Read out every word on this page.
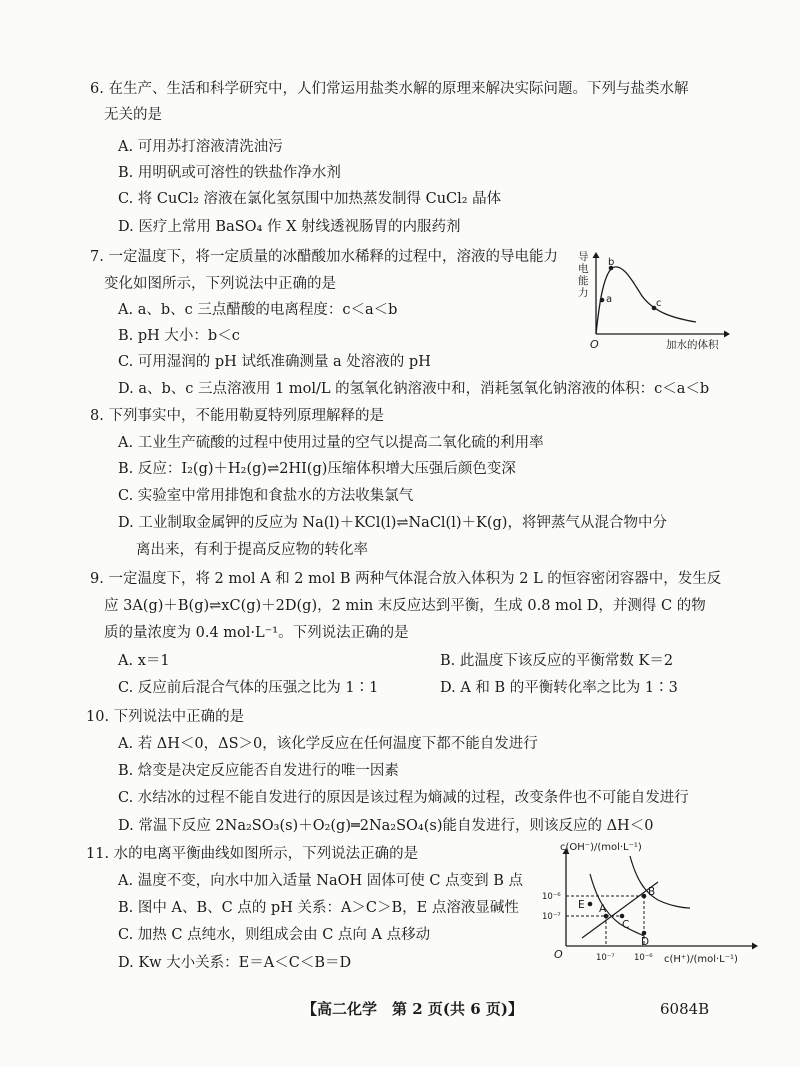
6. 在生产、生活和科学研究中，人们常运用盐类水解的原理来解决实际问题。下列与盐类水解
无关的是
A. 可用苏打溶液清洗油污
B. 用明矾或可溶性的铁盐作净水剂
C. 将 CuCl₂ 溶液在氯化氢氛围中加热蒸发制得 CuCl₂ 晶体
D. 医疗上常用 BaSO₄ 作 X 射线透视肠胃的内服药剂
7. 一定温度下，将一定质量的冰醋酸加水稀释的过程中，溶液的导电能力
变化如图所示，下列说法中正确的是
A. a、b、c 三点醋酸的电离程度：c＜a＜b
B. pH 大小：b＜c
C. 可用湿润的 pH 试纸准确测量 a 处溶液的 pH
D. a、b、c 三点溶液用 1 mol/L 的氢氧化钠溶液中和，消耗氢氧化钠溶液的体积：c＜a＜b
a
b
c
导
电
能
力
O	加水的体积
8. 下列事实中，不能用勒夏特列原理解释的是
A. 工业生产硫酸的过程中使用过量的空气以提高二氧化硫的利用率
B. 反应：I₂(g)＋H₂(g)⇌2HI(g)压缩体积增大压强后颜色变深
C. 实验室中常用排饱和食盐水的方法收集氯气
D. 工业制取金属钾的反应为 Na(l)＋KCl(l)⇌NaCl(l)＋K(g)，将钾蒸气从混合物中分
离出来，有利于提高反应物的转化率
9. 一定温度下，将 2 mol A 和 2 mol B 两种气体混合放入体积为 2 L 的恒容密闭容器中，发生反
应 3A(g)＋B(g)⇌xC(g)＋2D(g)，2 min 末反应达到平衡，生成 0.8 mol D，并测得 C 的物
质的量浓度为 0.4 mol·L⁻¹。下列说法正确的是
A. x＝1	B. 此温度下该反应的平衡常数 K＝2
C. 反应前后混合气体的压强之比为 1∶1	D. A 和 B 的平衡转化率之比为 1∶3
10. 下列说法中正确的是
A. 若 ΔH＜0，ΔS＞0，该化学反应在任何温度下都不能自发进行
B. 焓变是决定反应能否自发进行的唯一因素
C. 水结冰的过程不能自发进行的原因是该过程为熵减的过程，改变条件也不可能自发进行
D. 常温下反应 2Na₂SO₃(s)＋O₂(g)═2Na₂SO₄(s)能自发进行，则该反应的 ΔH＜0
11. 水的电离平衡曲线如图所示，下列说法正确的是
A. 温度不变，向水中加入适量 NaOH 固体可使 C 点变到 B 点
B. 图中 A、B、C 点的 pH 关系：A＞C＞B，E 点溶液显碱性
C. 加热 C 点纯水，则组成会由 C 点向 A 点移动
D. Kw 大小关系：E＝A＜C＜B＝D
E A
B
C
D
c(OH⁻)/(mol·L⁻¹)
10⁻⁶
10⁻⁷
O	10⁻⁷ 10⁻⁶ c(H⁺)/(mol·L⁻¹)
【高二化学　第 2 页(共 6 页)】	6084B
